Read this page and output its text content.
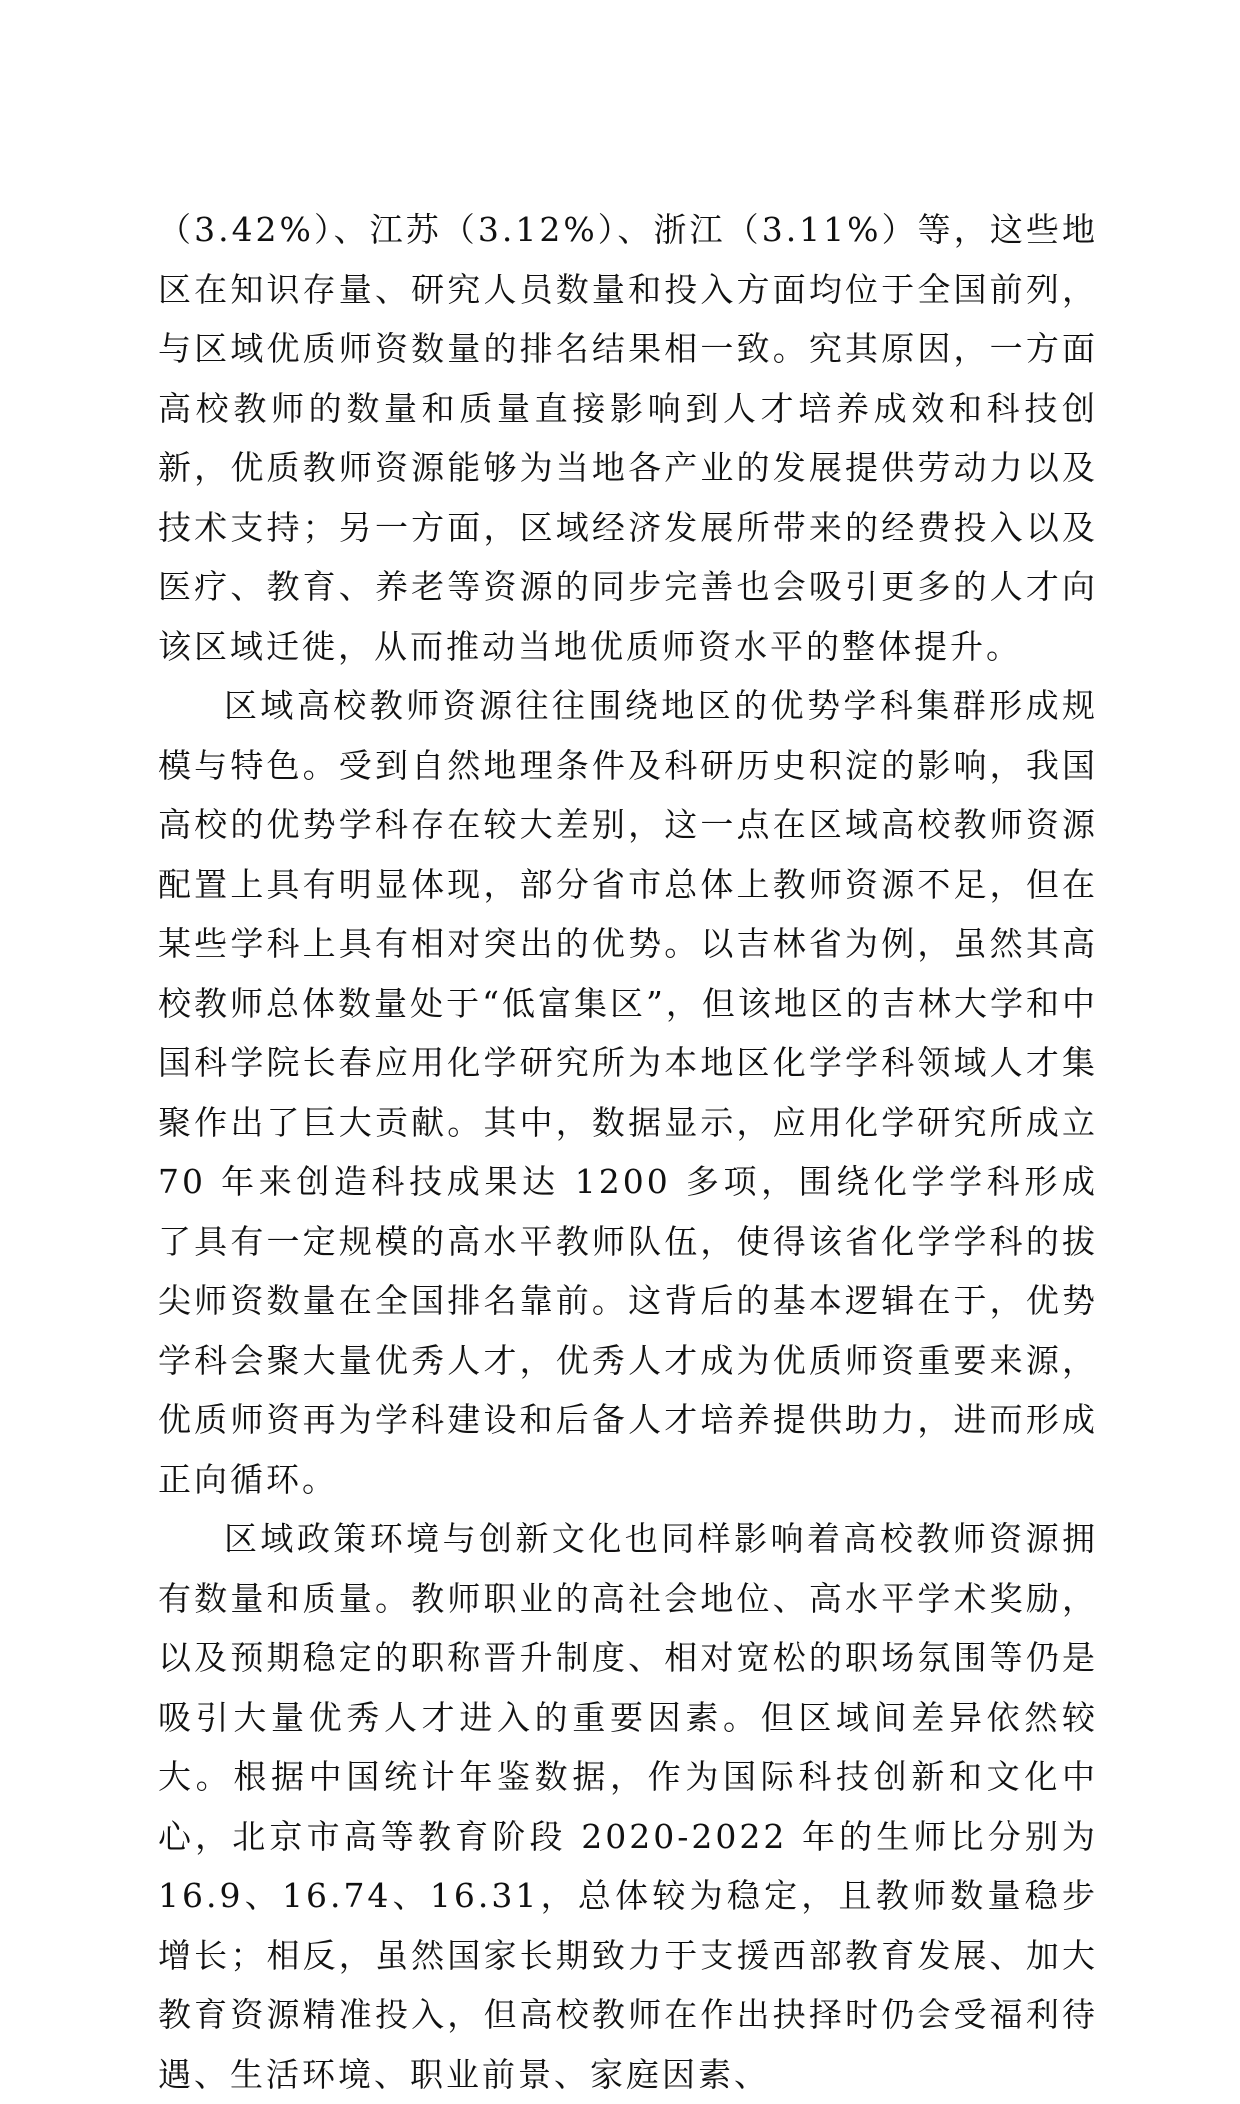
（3.42%）、江苏（3.12%）、浙江（3.11%）等，这些地区在知识存量、研究人员数量和投入方面均位于全国前列，与区域优质师资数量的排名结果相一致。究其原因，一方面高校教师的数量和质量直接影响到人才培养成效和科技创新，优质教师资源能够为当地各产业的发展提供劳动力以及技术支持；另一方面，区域经济发展所带来的经费投入以及医疗、教育、养老等资源的同步完善也会吸引更多的人才向该区域迁徙，从而推动当地优质师资水平的整体提升。

区域高校教师资源往往围绕地区的优势学科集群形成规模与特色。受到自然地理条件及科研历史积淀的影响，我国高校的优势学科存在较大差别，这一点在区域高校教师资源配置上具有明显体现，部分省市总体上教师资源不足，但在某些学科上具有相对突出的优势。以吉林省为例，虽然其高校教师总体数量处于“低富集区”，但该地区的吉林大学和中国科学院长春应用化学研究所为本地区化学学科领域人才集聚作出了巨大贡献。其中，数据显示，应用化学研究所成立 70 年来创造科技成果达 1200 多项，围绕化学学科形成了具有一定规模的高水平教师队伍，使得该省化学学科的拔尖师资数量在全国排名靠前。这背后的基本逻辑在于，优势学科会聚大量优秀人才，优秀人才成为优质师资重要来源，优质师资再为学科建设和后备人才培养提供助力，进而形成正向循环。

区域政策环境与创新文化也同样影响着高校教师资源拥有数量和质量。教师职业的高社会地位、高水平学术奖励，以及预期稳定的职称晋升制度、相对宽松的职场氛围等仍是吸引大量优秀人才进入的重要因素。但区域间差异依然较大。根据中国统计年鉴数据，作为国际科技创新和文化中心，北京市高等教育阶段 2020-2022 年的生师比分别为 16.9、16.74、16.31，总体较为稳定，且教师数量稳步增长；相反，虽然国家长期致力于支援西部教育发展、加大教育资源精准投入，但高校教师在作出抉择时仍会受福利待遇、生活环境、职业前景、家庭因素、
